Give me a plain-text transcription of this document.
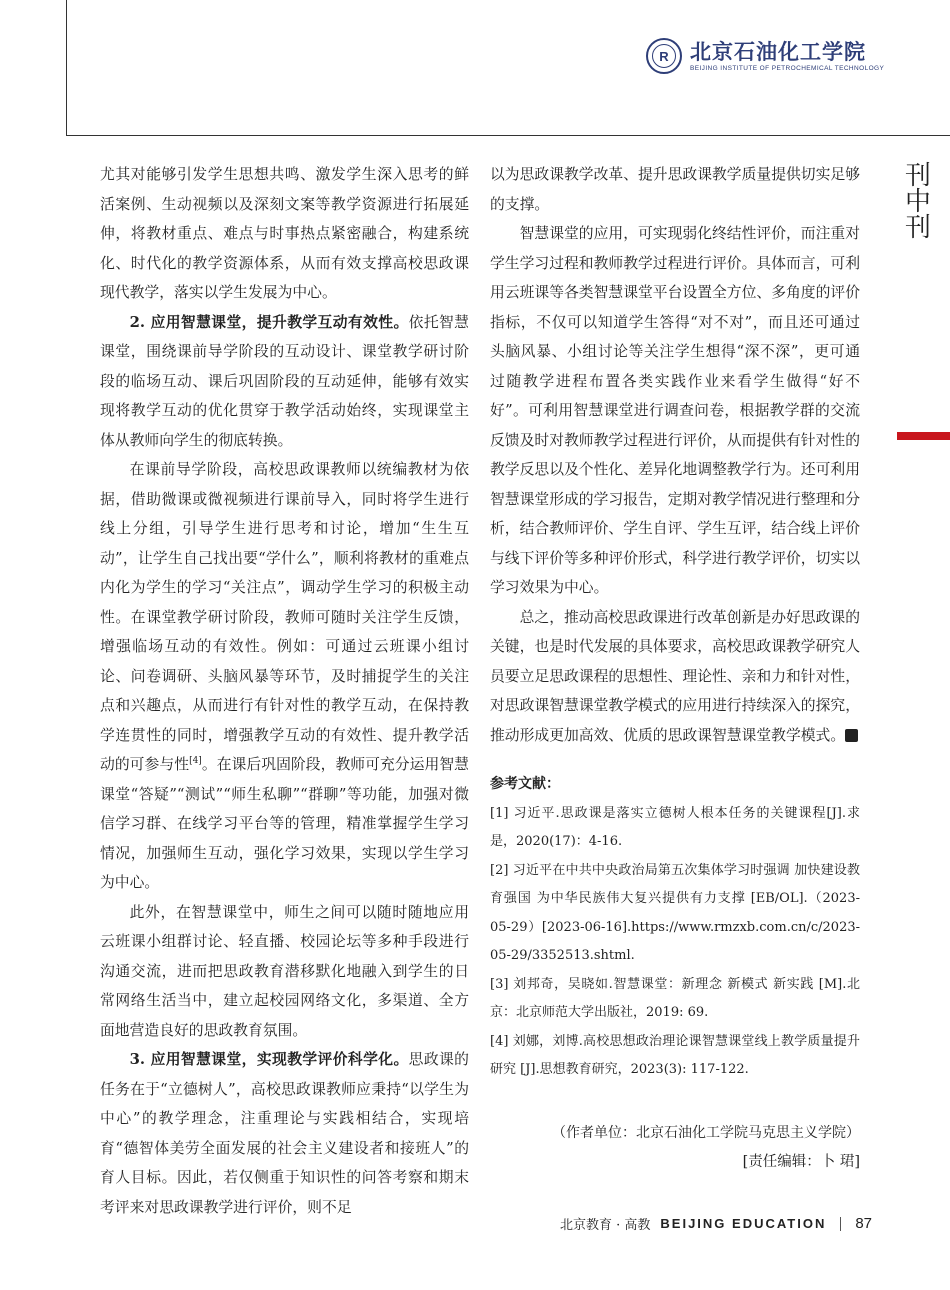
R	北京石油化工学院
BEIJING INSTITUTE OF PETROCHEMICAL TECHNOLOGY
刊
中
刊

尤其对能够引发学生思想共鸣、激发学生深入思考的鲜活案例、生动视频以及深刻文案等教学资源进行拓展延伸，将教材重点、难点与时事热点紧密融合，构建系统化、时代化的教学资源体系，从而有效支撑高校思政课现代教学，落实以学生发展为中心。

2. 应用智慧课堂，提升教学互动有效性。依托智慧课堂，围绕课前导学阶段的互动设计、课堂教学研讨阶段的临场互动、课后巩固阶段的互动延伸，能够有效实现将教学互动的优化贯穿于教学活动始终，实现课堂主体从教师向学生的彻底转换。

在课前导学阶段，高校思政课教师以统编教材为依据，借助微课或微视频进行课前导入，同时将学生进行线上分组，引导学生进行思考和讨论，增加“生生互动”，让学生自己找出要“学什么”，顺利将教材的重难点内化为学生的学习“关注点”，调动学生学习的积极主动性。在课堂教学研讨阶段，教师可随时关注学生反馈，增强临场互动的有效性。例如：可通过云班课小组讨论、问卷调研、头脑风暴等环节，及时捕捉学生的关注点和兴趣点，从而进行有针对性的教学互动，在保持教学连贯性的同时，增强教学互动的有效性、提升教学活动的可参与性[4]。在课后巩固阶段，教师可充分运用智慧课堂“答疑”“测试”“师生私聊”“群聊”等功能，加强对微信学习群、在线学习平台等的管理，精准掌握学生学习情况，加强师生互动，强化学习效果，实现以学生学习为中心。

此外，在智慧课堂中，师生之间可以随时随地应用云班课小组群讨论、轻直播、校园论坛等多种手段进行沟通交流，进而把思政教育潜移默化地融入到学生的日常网络生活当中，建立起校园网络文化，多渠道、全方面地营造良好的思政教育氛围。

3. 应用智慧课堂，实现教学评价科学化。思政课的任务在于“立德树人”，高校思政课教师应秉持“以学生为中心”的教学理念，注重理论与实践相结合，实现培育“德智体美劳全面发展的社会主义建设者和接班人”的育人目标。因此，若仅侧重于知识性的问答考察和期末考评来对思政课教学进行评价，则不足

以为思政课教学改革、提升思政课教学质量提供切实足够的支撑。

智慧课堂的应用，可实现弱化终结性评价，而注重对学生学习过程和教师教学过程进行评价。具体而言，可利用云班课等各类智慧课堂平台设置全方位、多角度的评价指标，不仅可以知道学生答得“对不对”，而且还可通过头脑风暴、小组讨论等关注学生想得“深不深”，更可通过随教学进程布置各类实践作业来看学生做得“好不好”。可利用智慧课堂进行调查问卷，根据教学群的交流反馈及时对教师教学过程进行评价，从而提供有针对性的教学反思以及个性化、差异化地调整教学行为。还可利用智慧课堂形成的学习报告，定期对教学情况进行整理和分析，结合教师评价、学生自评、学生互评，结合线上评价与线下评价等多种评价形式，科学进行教学评价，切实以学习效果为中心。

总之，推动高校思政课进行改革创新是办好思政课的关键，也是时代发展的具体要求，高校思政课教学研究人员要立足思政课程的思想性、理论性、亲和力和针对性，对思政课智慧课堂教学模式的应用进行持续深入的探究，推动形成更加高效、优质的思政课智慧课堂教学模式。	图

参考文献：

[1] 习近平.思政课是落实立德树人根本任务的关键课程[J].求是，2020(17)：4-16.

[2] 习近平在中共中央政治局第五次集体学习时强调 加快建设教育强国 为中华民族伟大复兴提供有力支撑 [EB/OL].（2023-05-29）[2023-06-16].https://www.rmzxb.com.cn/c/2023-05-29/3352513.shtml.

[3] 刘邦奇，吴晓如.智慧课堂：新理念 新模式 新实践 [M].北京：北京师范大学出版社，2019: 69.

[4] 刘娜，刘博.高校思想政治理论课智慧课堂线上教学质量提升研究 [J].思想教育研究，2023(3): 117-122.

（作者单位：北京石油化工学院马克思主义学院）

[责任编辑：卜 珺]

北京教育 · 高教 BEIJING EDUCATION 87
